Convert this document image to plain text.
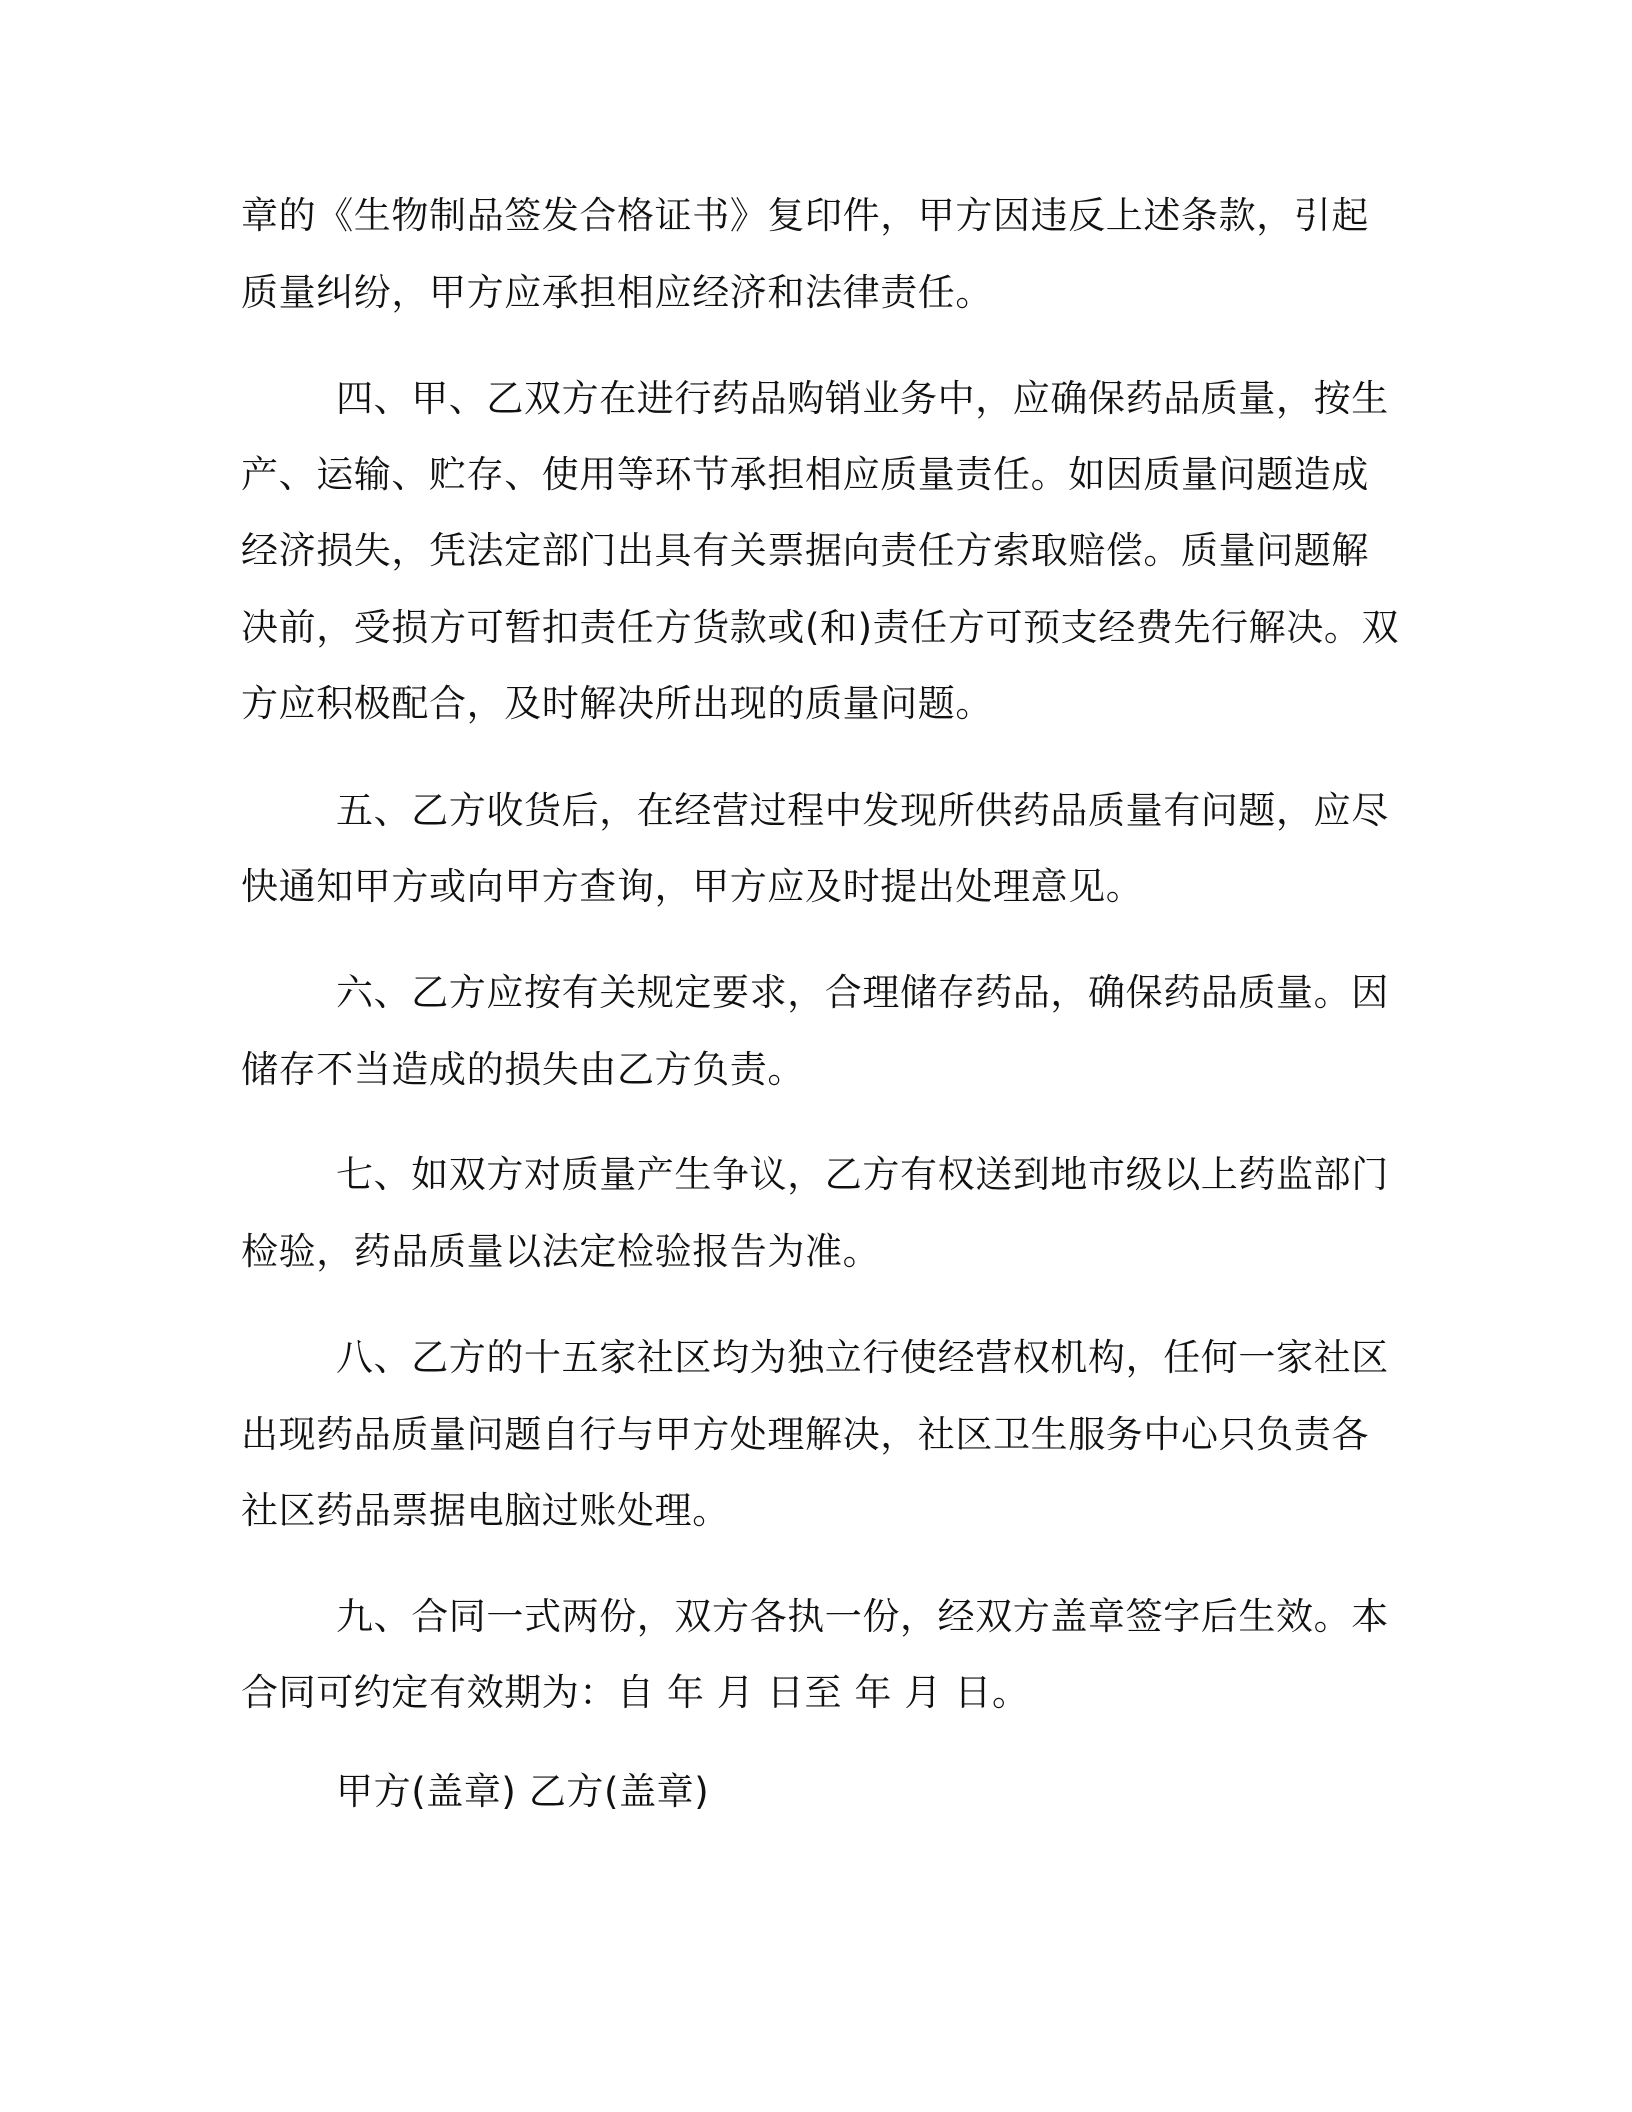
章的《生物制品签发合格证书》复印件，甲方因违反上述条款，引起

质量纠纷，甲方应承担相应经济和法律责任。

四、甲、乙双方在进行药品购销业务中，应确保药品质量，按生

产、运输、贮存、使用等环节承担相应质量责任。如因质量问题造成

经济损失，凭法定部门出具有关票据向责任方索取赔偿。质量问题解

决前，受损方可暂扣责任方货款或(和)责任方可预支经费先行解决。双

方应积极配合，及时解决所出现的质量问题。

五、乙方收货后，在经营过程中发现所供药品质量有问题，应尽

快通知甲方或向甲方查询，甲方应及时提出处理意见。

六、乙方应按有关规定要求，合理储存药品，确保药品质量。因

储存不当造成的损失由乙方负责。

七、如双方对质量产生争议，乙方有权送到地市级以上药监部门

检验，药品质量以法定检验报告为准。

八、乙方的十五家社区均为独立行使经营权机构，任何一家社区

出现药品质量问题自行与甲方处理解决，社区卫生服务中心只负责各

社区药品票据电脑过账处理。

九、合同一式两份，双方各执一份，经双方盖章签字后生效。本

合同可约定有效期为：自 年 月 日至 年 月 日。

甲方(盖章) 乙方(盖章)
